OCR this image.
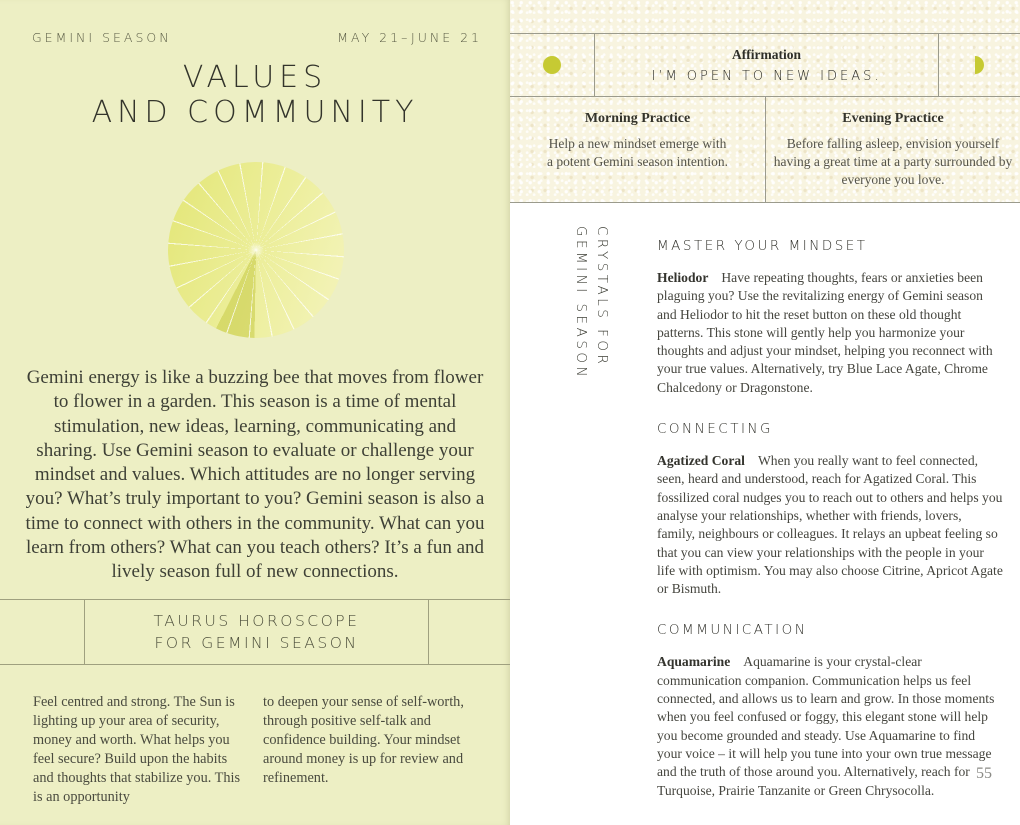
GEMINI SEASON	MAY 21–JUNE 21
VALUES
AND COMMUNITY

Gemini energy is like a buzzing bee that moves from flower to flower in a garden. This season is a time of mental stimulation, new ideas, learning, communicating and sharing. Use Gemini season to evaluate or challenge your mindset and values. Which attitudes are no longer serving you? What’s truly important to you? Gemini season is also a time to connect with others in the community. What can you learn from others? What can you teach others? It’s a fun and lively season full of new connections.

TAURUS HOROSCOPE
FOR GEMINI SEASON

Feel centred and strong. The Sun is lighting up your area of security, money and worth. What helps you feel secure? Build upon the habits and thoughts that stabilize you. This is an opportunity

to deepen your sense of self-worth, through positive self-talk and confidence building. Your mindset around money is up for review and refinement.

Affirmation
I’M OPEN TO NEW IDEAS.
Morning Practice
Help a new mindset emerge with a potent Gemini season intention.
Evening Practice
Before falling asleep, envision yourself having a great time at a party surrounded by everyone you love.
CRYSTALS FOR
GEMINI SEASON	MASTER YOUR MINDSET

Heliodor Have repeating thoughts, fears or anxieties been plaguing you? Use the revitalizing energy of Gemini season and Heliodor to hit the reset button on these old thought patterns. This stone will gently help you harmonize your thoughts and adjust your mindset, helping you reconnect with your true values. Alternatively, try Blue Lace Agate, Chrome Chalcedony or Dragonstone.

CONNECTING

Agatized Coral When you really want to feel connected, seen, heard and understood, reach for Agatized Coral. This fossilized coral nudges you to reach out to others and helps you analyse your relationships, whether with friends, lovers, family, neighbours or colleagues. It relays an upbeat feeling so that you can view your relationships with the people in your life with optimism. You may also choose Citrine, Apricot Agate or Bismuth.

COMMUNICATION

Aquamarine Aquamarine is your crystal-clear communication companion. Communication helps us feel connected, and allows us to learn and grow. In those moments when you feel confused or foggy, this elegant stone will help you become grounded and steady. Use Aquamarine to find your voice – it will help you tune into your own true message and the truth of those around you. Alternatively, reach for Turquoise, Prairie Tanzanite or Green Chrysocolla.

55
